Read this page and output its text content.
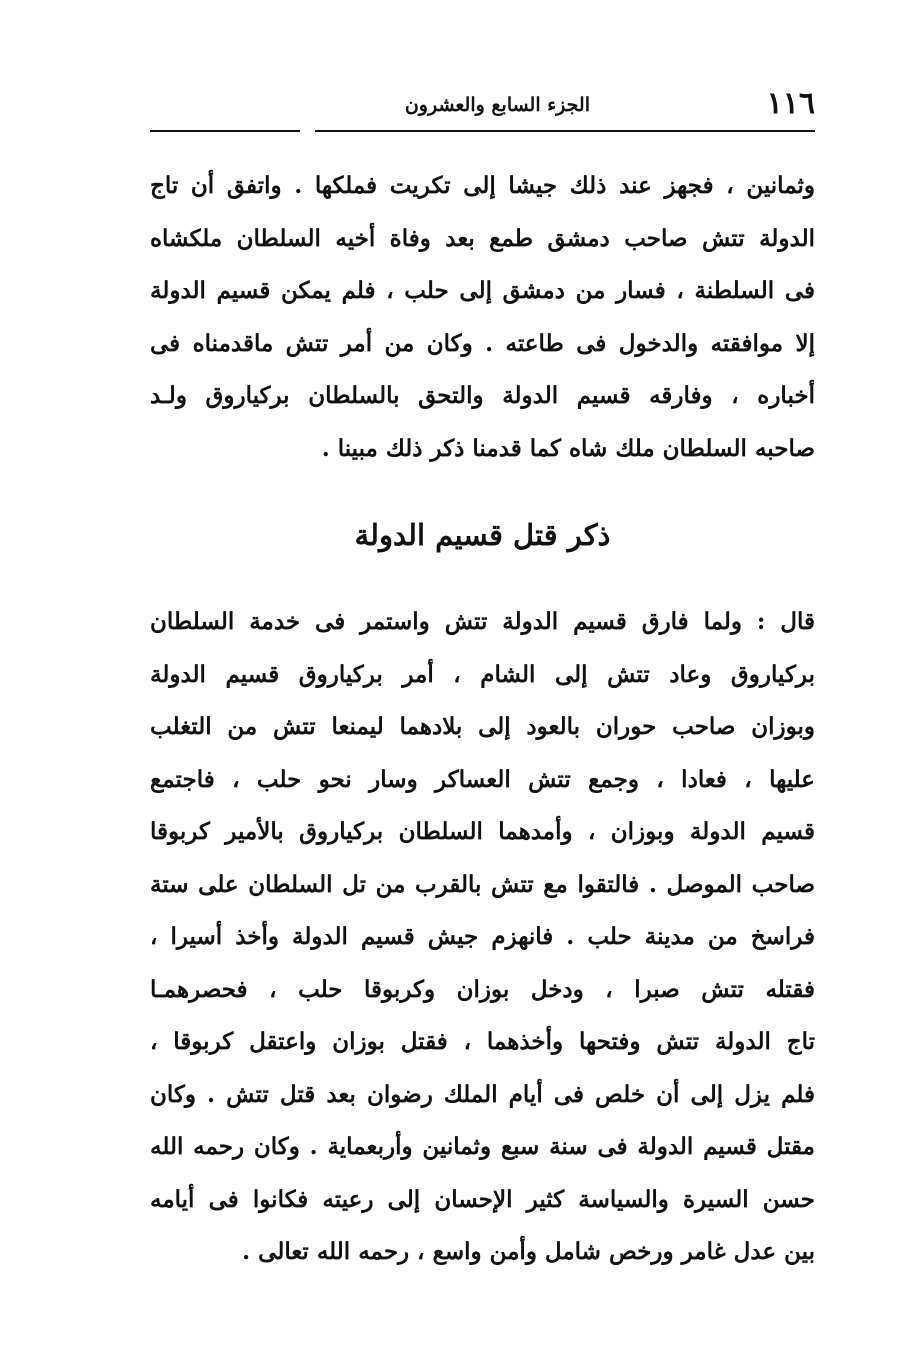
١١٦
الجزء السابع والعشرون
وثمانين ، فجهز عند ذلك جيشا إلى تكريت فملكها . واتفق أن تاج
الدولة تتش صاحب دمشق طمع بعد وفاة أخيه السلطان ملكشاه
فى السلطنة ، فسار من دمشق إلى حلب ، فلم يمكن قسيم الدولة
إلا موافقته والدخول فى طاعته . وكان من أمر تتش ماقدمناه فى
أخباره ، وفارقه قسيم الدولة والتحق بالسلطان بركياروق ولـد
صاحبه السلطان ملك شاه كما قدمنا ذكر ذلك مبينا .
ذكر قتل قسيم الدولة
قال : ولما فارق قسيم الدولة تتش واستمر فى خدمة السلطان
بركياروق وعاد تتش إلى الشام ، أمر بركياروق قسيم الدولة
وبوزان صاحب حوران بالعود إلى بلادهما ليمنعا تتش من التغلب
عليها ، فعادا ، وجمع تتش العساكر وسار نحو حلب ، فاجتمع
قسيم الدولة وبوزان ، وأمدهما السلطان بركياروق بالأمير كربوقا
صاحب الموصل . فالتقوا مع تتش بالقرب من تل السلطان على ستة
فراسخ من مدينة حلب . فانهزم جيش قسيم الدولة وأخذ أسيرا ،
فقتله تتش صبرا ، ودخل بوزان وكربوقا حلب ، فحصرهمـا
تاج الدولة تتش وفتحها وأخذهما ، فقتل بوزان واعتقل كربوقا ،
فلم يزل إلى أن خلص فى أيام الملك رضوان بعد قتل تتش . وكان
مقتل قسيم الدولة فى سنة سبع وثمانين وأربعماية . وكان رحمه الله
حسن السيرة والسياسة كثير الإحسان إلى رعيته فكانوا فى أيامه
بين عدل غامر ورخص شامل وأمن واسع ، رحمه الله تعالى .
